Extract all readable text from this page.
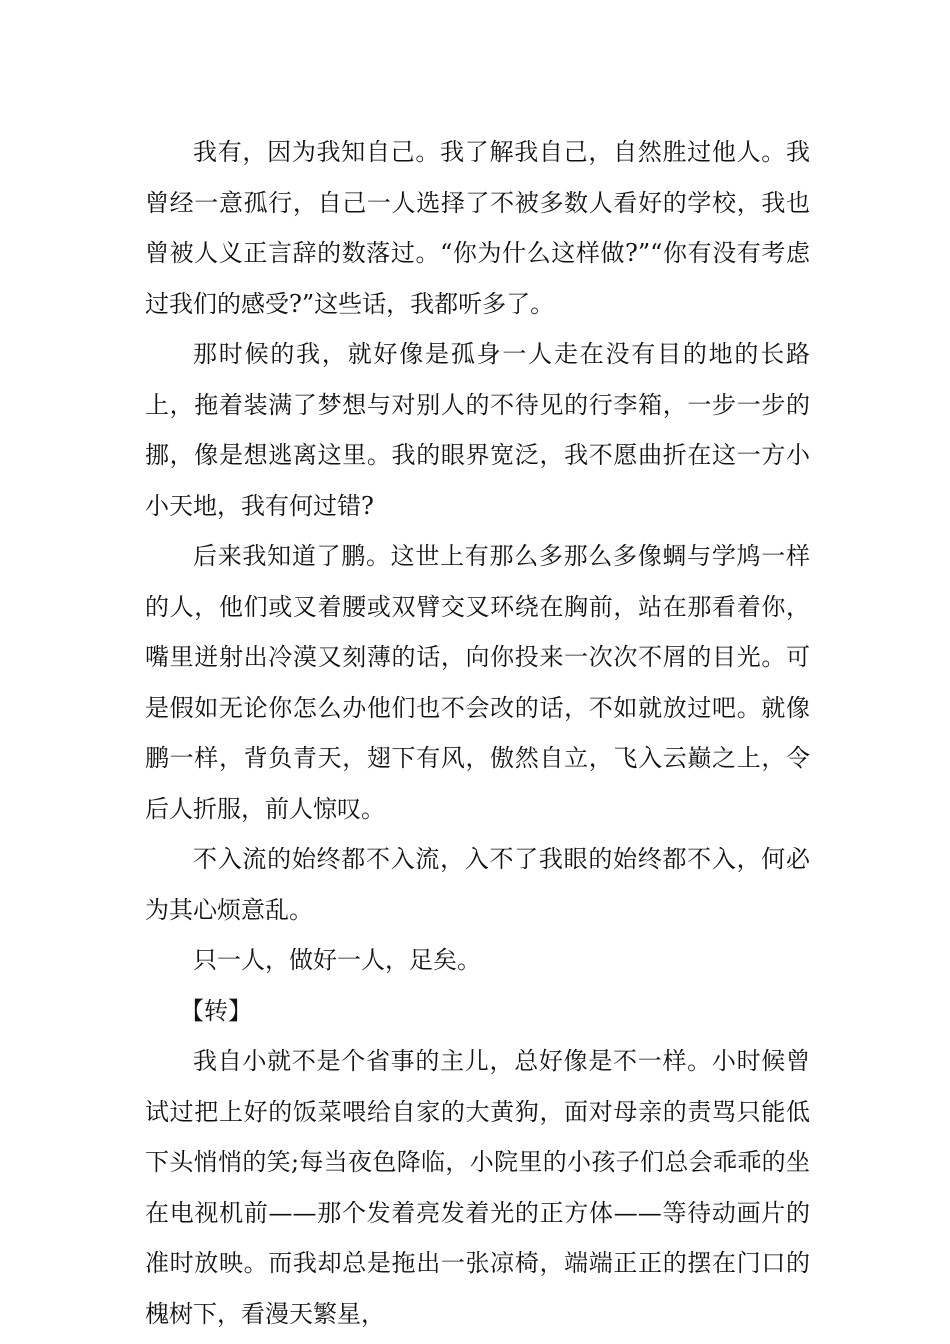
我有，因为我知自己。我了解我自己，自然胜过他人。我曾经一意孤行，自己一人选择了不被多数人看好的学校，我也曾被人义正言辞的数落过。“你为什么这样做?”“你有没有考虑过我们的感受?”这些话，我都听多了。

那时候的我，就好像是孤身一人走在没有目的地的长路上，拖着装满了梦想与对别人的不待见的行李箱，一步一步的挪，像是想逃离这里。我的眼界宽泛，我不愿曲折在这一方小小天地，我有何过错?

后来我知道了鹏。这世上有那么多那么多像蜩与学鸠一样的人，他们或叉着腰或双臂交叉环绕在胸前，站在那看着你，嘴里迸射出冷漠又刻薄的话，向你投来一次次不屑的目光。可是假如无论你怎么办他们也不会改的话，不如就放过吧。就像鹏一样，背负青天，翅下有风，傲然自立，飞入云巅之上，令后人折服，前人惊叹。

不入流的始终都不入流，入不了我眼的始终都不入，何必为其心烦意乱。

只一人，做好一人，足矣。

【转】

我自小就不是个省事的主儿，总好像是不一样。小时候曾试过把上好的饭菜喂给自家的大黄狗，面对母亲的责骂只能低下头悄悄的笑;每当夜色降临，小院里的小孩子们总会乖乖的坐在电视机前——那个发着亮发着光的正方体——等待动画片的准时放映。而我却总是拖出一张凉椅，端端正正的摆在门口的槐树下，看漫天繁星，
